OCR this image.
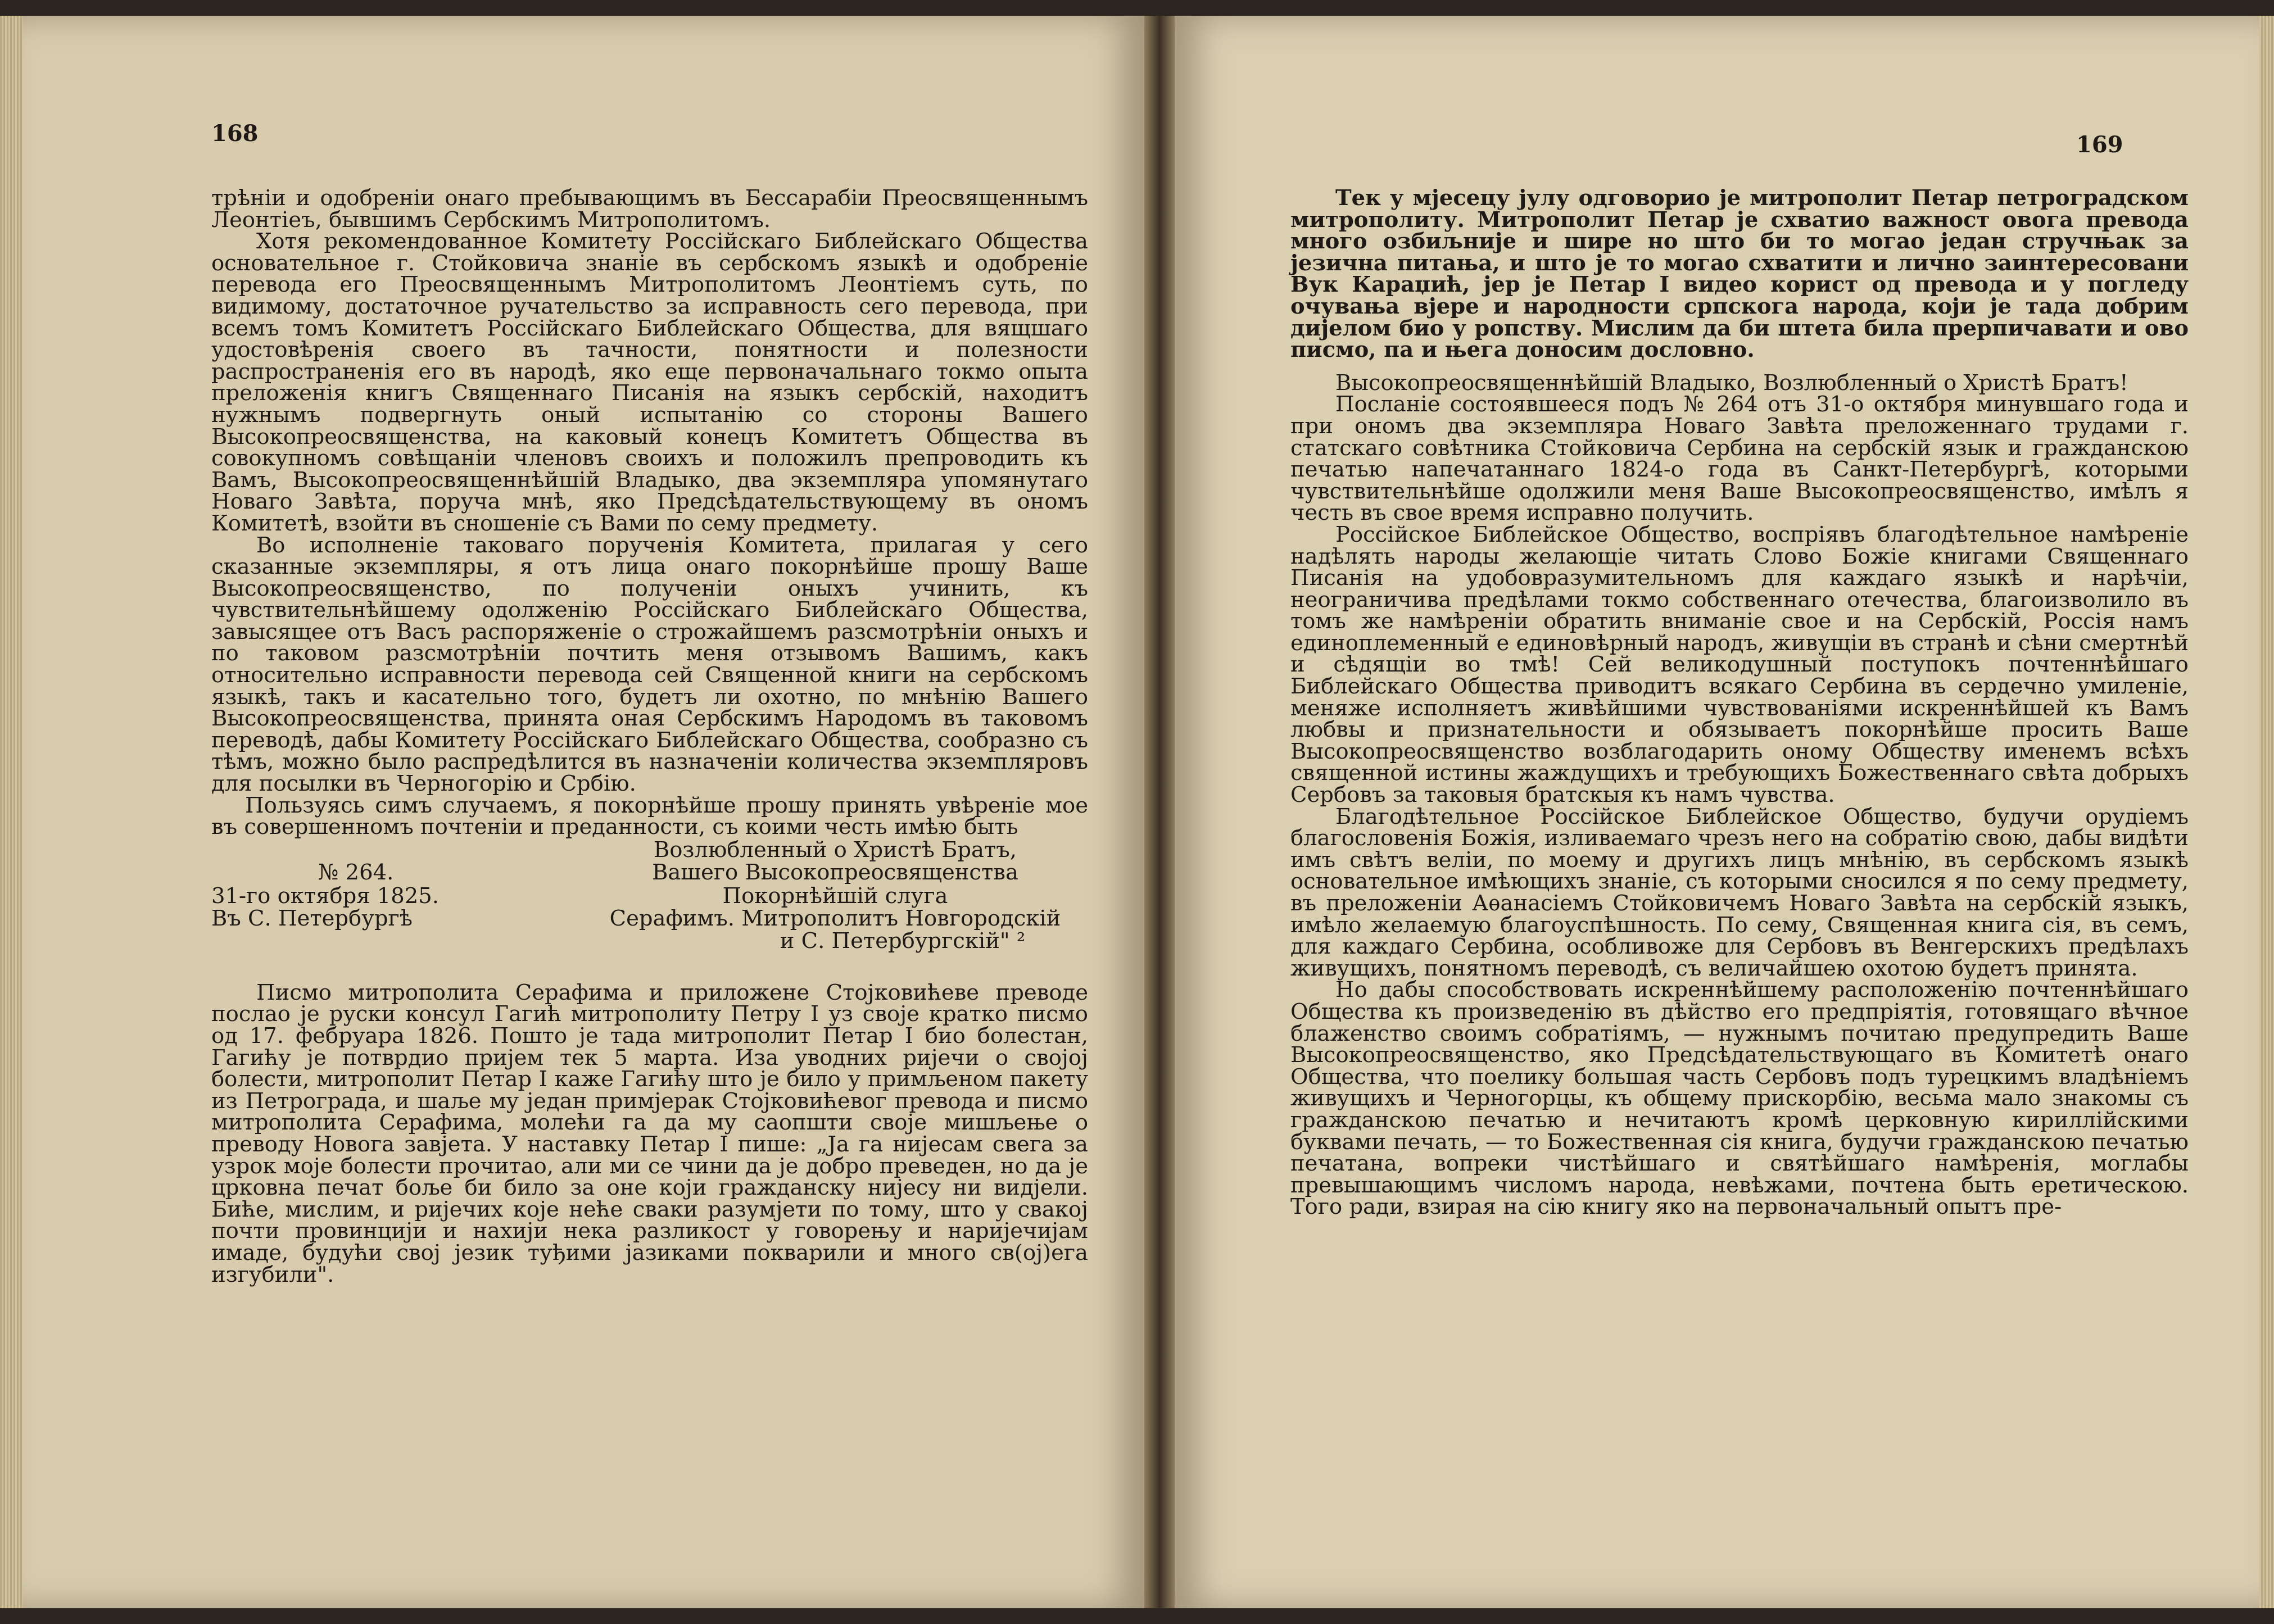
168

трѣніи и одобреніи онаго пребывающимъ въ Бессарабіи Преосвященнымъ Леонтіеъ, бывшимъ Сербскимъ Митрополитомъ.

Хотя рекомендованное Комитету Россійскаго Библейскаго Общества основательное г. Стойковича знаніе въ сербскомъ языкѣ и одобреніе перевода его Преосвященнымъ Митрополитомъ Леонтіемъ суть, по видимому, достаточное ручательство за исправность сего перевода, при всемъ томъ Комитетъ Россійскаго Библейскаго Общества, для вящшаго удостовѣренія своего въ тачности, понятности и полезности распространенія его въ народѣ, яко еще первоначальнаго токмо опыта преложенія книгъ Священнаго Писанія на языкъ сербскій, находитъ нужнымъ подвергнуть оный испытанію со стороны Вашего Высокопреосвященства, на каковый конецъ Комитетъ Общества въ совокупномъ совѣщаніи членовъ своихъ и положилъ препроводить къ Вамъ, Высокопреосвященнѣйшій Владыко, два экземпляра упомянутаго Новаго Завѣта, поруча мнѣ, яко Предсѣдательствующему въ ономъ Комитетѣ, взойти въ сношеніе съ Вами по сему предмету.

Во исполненіе таковаго порученія Комитета, прилагая у сего сказанные экземпляры, я отъ лица онаго покорнѣйше прошу Ваше Высокопреосвященство, по полученіи оныхъ учинить, къ чувствительнѣйшему одолженію Россійскаго Библейскаго Общества, завысящее отъ Васъ распоряженіе о строжайшемъ разсмотрѣніи оныхъ и по таковом разсмотрѣніи почтить меня отзывомъ Вашимъ, какъ относительно исправности перевода сей Священной книги на сербскомъ языкѣ, такъ и касательно того, будетъ ли охотно, по мнѣнію Вашего Высокопреосвященства, принята оная Сербскимъ Народомъ въ таковомъ переводѣ, дабы Комитету Россійскаго Библейскаго Общества, сообразно съ тѣмъ, можно было распредѣлится въ назначеніи количества экземпляровъ для посылки въ Черногорію и Србію.

Пользуясь симъ случаемъ, я покорнѣйше прошу принять увѣреніе мое въ совершенномъ почтеніи и преданности, съ коими честь имѣю быть

Возлюбленный о Христѣ Братъ,
№ 264.	Вашего Высокопреосвященства
31-го октября 1825.	Покорнѣйшій слуга
Въ С. Петербургѣ	Серафимъ. Митрополитъ Новгородскій
и С. Петербургскій" ²

Писмо митрополита Серафима и приложене Стојковићеве преводе послао је руски консул Гагић митрополиту Петру I уз своје кратко писмо од 17. фебруара 1826. Пошто је тада митрополит Петар I био болестан, Гагићу је потврдио пријем тек 5 марта. Иза уводних ријечи о својој болести, митрополит Петар I каже Гагићу што је било у примљеном пакету из Петрограда, и шаље му један примјерак Стојковићевог превода и писмо митрополита Серафима, молећи га да му саопшти своје мишљење о преводу Новога завјета. У наставку Петар I пише: „Ја га нијесам свега за узрок моје болести прочитао, али ми се чини да је добро преведен, но да је црковна печат боље би било за оне који гражданску нијесу ни видјели. Биће, мислим, и ријечих које неће сваки разумјети по тому, што у свакој почти провинцији и нахији нека разликост у говорењу и наријечијам имаде, будући свој језик туђими јазиками покварили и много св(ој)ега изгубили".

169

Тек у мјесецу јулу одговорио је митрополит Петар петроградском митрополиту. Митрополит Петар је схватио важност овога превода много озбиљније и шире но што би то могао један стручњак за језична питања, и што је то могао схватити и лично заинтересовани Вук Караџић, јер је Петар I видео корист од превода и у погледу очувања вјере и народности српскога народа, који је тада добрим дијелом био у ропству. Мислим да би штета била прерпичавати и ово писмо, па и њега доносим дословно.

Высокопреосвященнѣйшій Владыко, Возлюбленный о Христѣ Братъ!

Посланіе состоявшееся подъ № 264 отъ 31-о октября минувшаго года и при ономъ два экземпляра Новаго Завѣта преложеннаго трудами г. статскаго совѣтника Стойковича Сербина на сербскій язык и гражданскою печатью напечатаннаго 1824-о года въ Санкт-Петербургѣ, которыми чувствительнѣйше одолжили меня Ваше Высокопреосвященство, имѣлъ я честь въ свое время исправно получить.

Россійское Библейское Общество, воспріявъ благодѣтельное намѣреніе надѣлять народы желающіе читать Слово Божіе книгами Священнаго Писанія на удобовразумительномъ для каждаго языкѣ и нарѣчіи, неограничива предѣлами токмо собственнаго отечества, благоизволило въ томъ же намѣреніи обратить вниманіе свое и на Сербскій, Россія намъ единоплеменный е единовѣрный народъ, живущіи въ странѣ и сѣни смертнѣй и сѣдящіи во тмѣ! Сей великодушный поступокъ почтеннѣйшаго Библейскаго Общества приводитъ всякаго Сербина въ сердечно умиленіе, меняже исполняетъ живѣйшими чувствованіями искреннѣйшей къ Вамъ любвы и признательности и обязываетъ покорнѣйше просить Ваше Высокопреосвященство возблагодарить оному Обществу именемъ всѣхъ священной истины жаждущихъ и требующихъ Божественнаго свѣта добрыхъ Сербовъ за таковыя братскыя къ намъ чувства.

Благодѣтельное Россійское Библейское Общество, будучи орудіемъ благословенія Божія, изливаемаго чрезъ него на собратію свою, дабы видѣти имъ свѣтъ веліи, по моему и другихъ лицъ мнѣнію, въ сербскомъ языкѣ основательное имѣющихъ знаніе, съ которыми сносился я по сему предмету, въ преложеніи Аѳанасіемъ Стойковичемъ Новаго Завѣта на сербскій языкъ, имѣло желаемую благоуспѣшность. По сему, Священная книга сія, въ семъ, для каждаго Сербина, особливоже для Сербовъ въ Венгерскихъ предѣлахъ живущихъ, понятномъ переводѣ, съ величайшею охотою будетъ принята.

Но дабы способствовать искреннѣйшему расположенію почтеннѣйшаго Общества къ произведенію въ дѣйство его предпріятія, готовящаго вѣчное блаженство своимъ собратіямъ, — нужнымъ почитаю предупредить Ваше Высокопреосвященство, яко Предсѣдательствующаго въ Комитетѣ онаго Общества, что поелику большая часть Сербовъ подъ турецкимъ владѣніемъ живущихъ и Черногорцы, къ общему прискорбію, весьма мало знакомы съ гражданскою печатью и нечитаютъ кромѣ церковную кириллійскими буквами печать, — то Божественная сія книга, будучи гражданскою печатью печатана, вопреки чистѣйшаго и святѣйшаго намѣренія, моглабы превышающимъ числомъ народа, невѣжами, почтена быть еретическою. Того ради, взирая на сію книгу яко на первоначальный опытъ пре-
